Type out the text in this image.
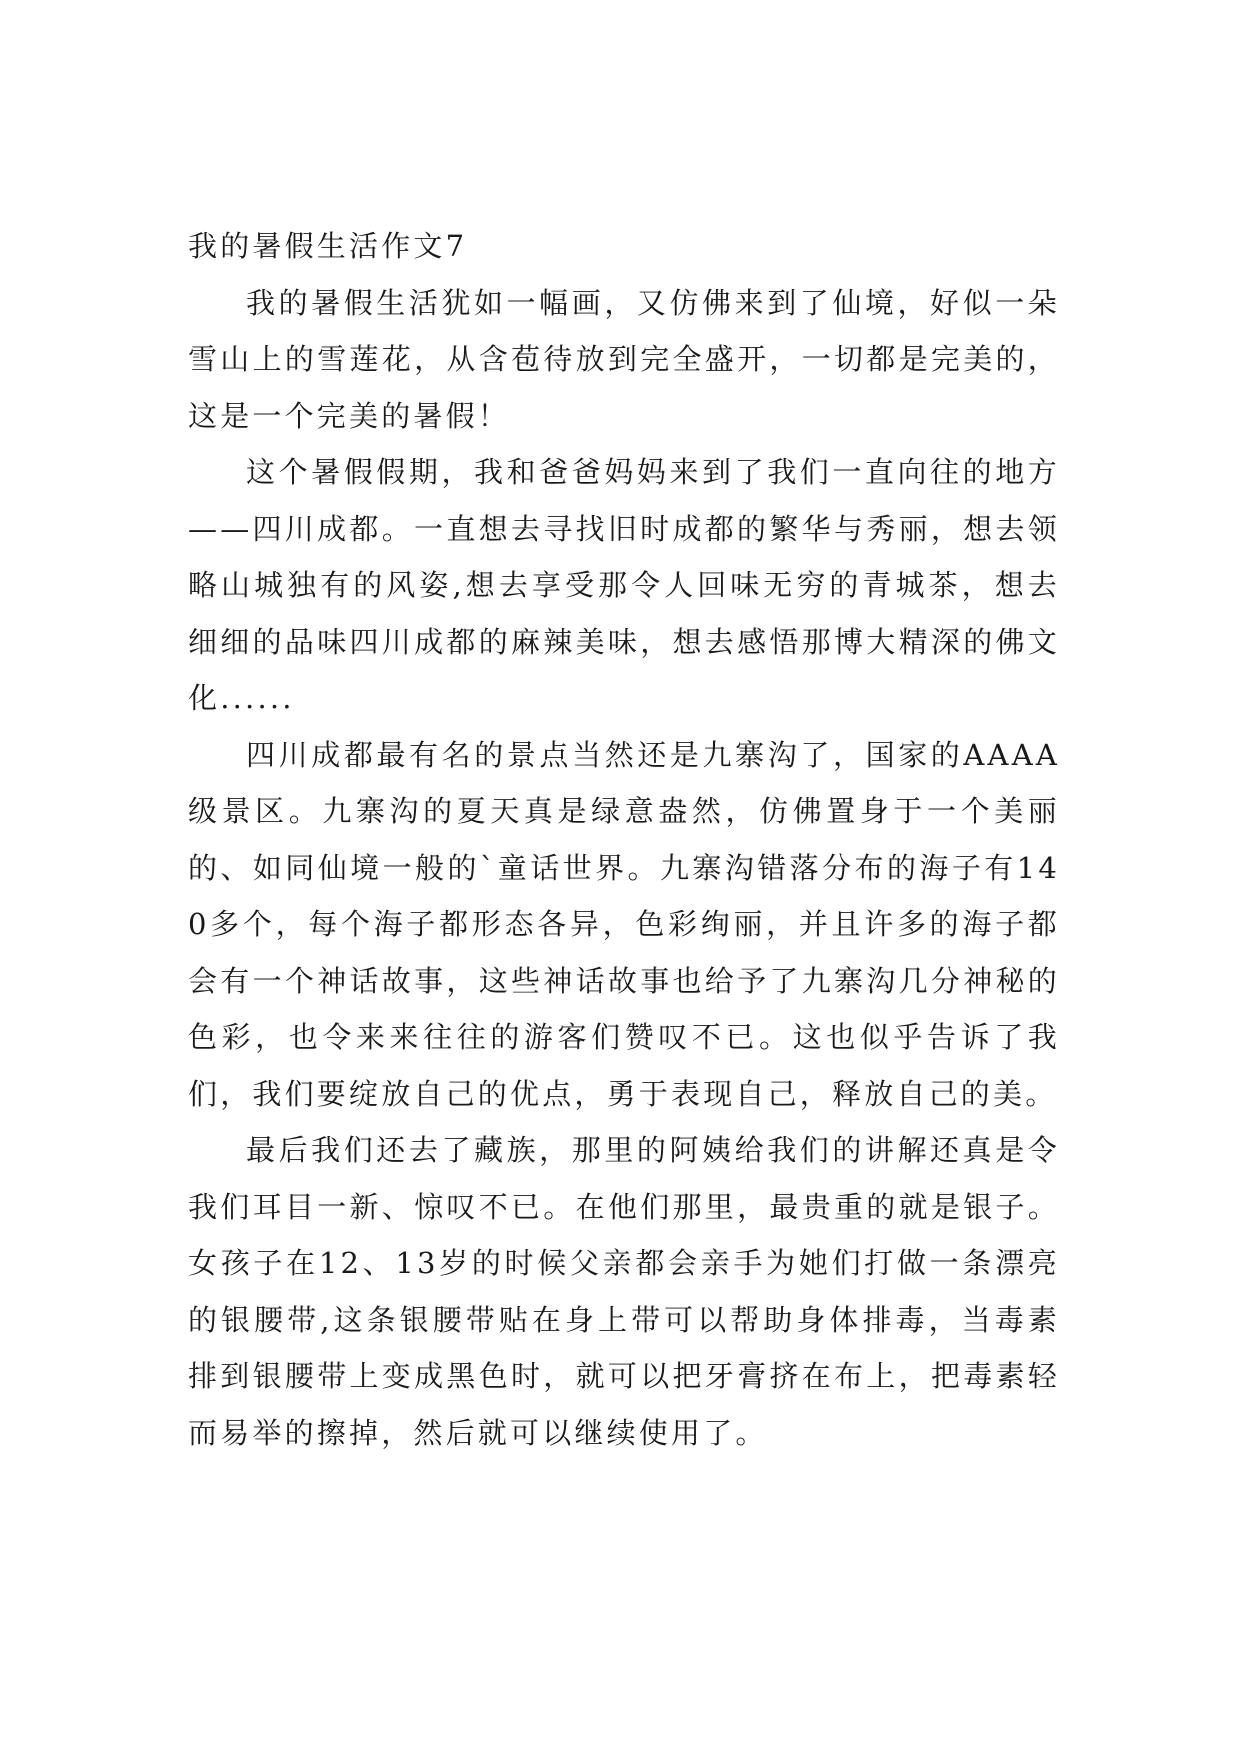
我的暑假生活作文7

我的暑假生活犹如一幅画，又仿佛来到了仙境，好似一朵雪山上的雪莲花，从含苞待放到完全盛开，一切都是完美的，这是一个完美的暑假！

这个暑假假期，我和爸爸妈妈来到了我们一直向往的地方——四川成都。一直想去寻找旧时成都的繁华与秀丽，想去领略山城独有的风姿,想去享受那令人回味无穷的青城茶，想去细细的品味四川成都的麻辣美味，想去感悟那博大精深的佛文化......

四川成都最有名的景点当然还是九寨沟了，国家的AAAA级景区。九寨沟的夏天真是绿意盎然，仿佛置身于一个美丽的、如同仙境一般的`童话世界。九寨沟错落分布的海子有140多个，每个海子都形态各异，色彩绚丽，并且许多的海子都会有一个神话故事，这些神话故事也给予了九寨沟几分神秘的色彩，也令来来往往的游客们赞叹不已。这也似乎告诉了我们，我们要绽放自己的优点，勇于表现自己，释放自己的美。

最后我们还去了藏族，那里的阿姨给我们的讲解还真是令我们耳目一新、惊叹不已。在他们那里，最贵重的就是银子。女孩子在12、13岁的时候父亲都会亲手为她们打做一条漂亮的银腰带,这条银腰带贴在身上带可以帮助身体排毒，当毒素排到银腰带上变成黑色时，就可以把牙膏挤在布上，把毒素轻而易举的擦掉，然后就可以继续使用了。
